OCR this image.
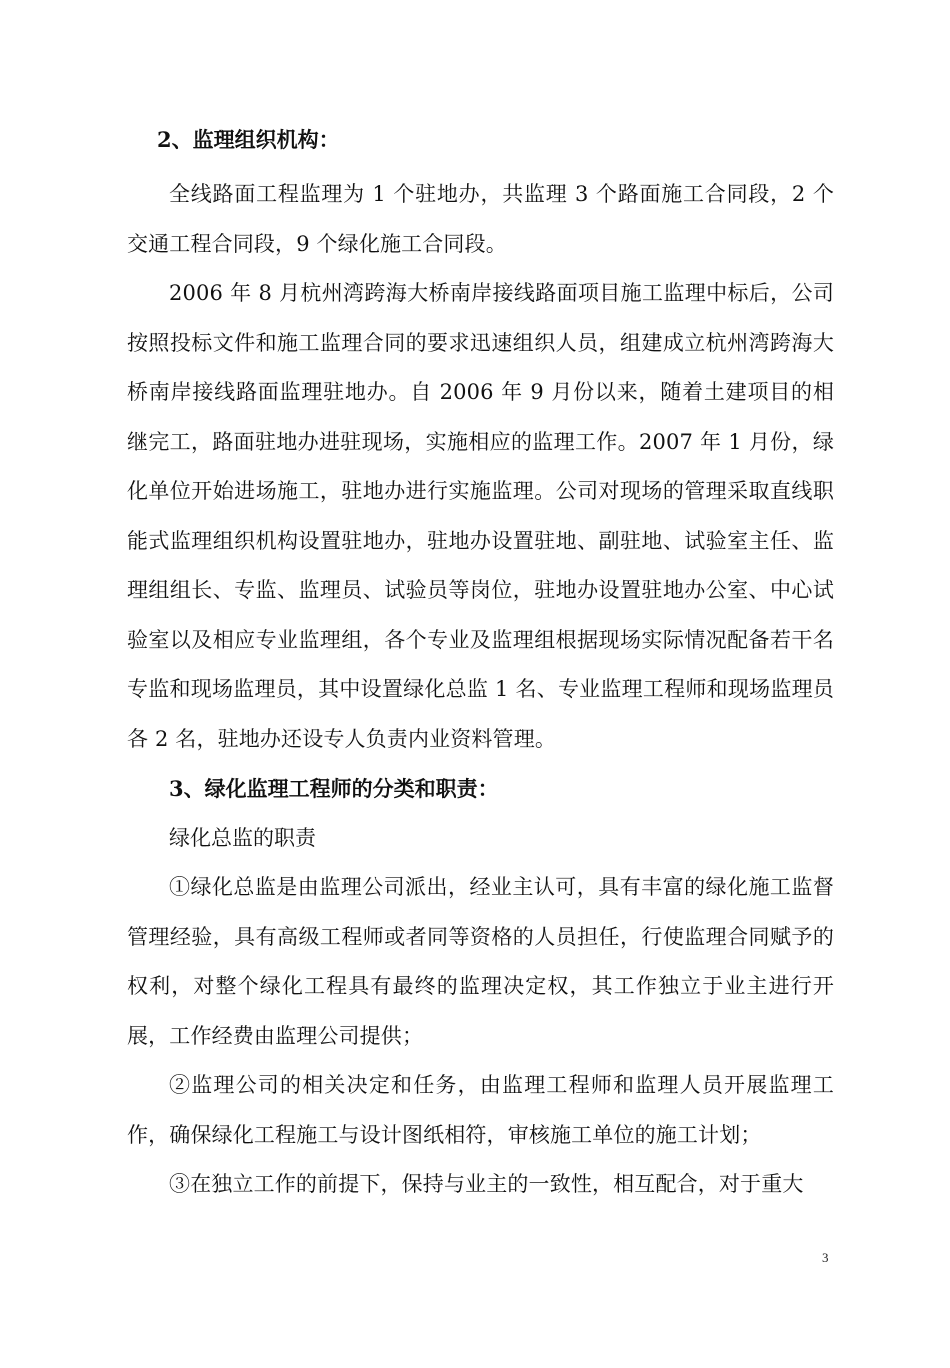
2、监理组织机构：

全线路面工程监理为 1 个驻地办，共监理 3 个路面施工合同段，2 个交通工程合同段，9 个绿化施工合同段。

2006 年 8 月杭州湾跨海大桥南岸接线路面项目施工监理中标后，公司按照投标文件和施工监理合同的要求迅速组织人员，组建成立杭州湾跨海大桥南岸接线路面监理驻地办。自 2006 年 9 月份以来，随着土建项目的相继完工，路面驻地办进驻现场，实施相应的监理工作。2007 年 1 月份，绿化单位开始进场施工，驻地办进行实施监理。公司对现场的管理采取直线职能式监理组织机构设置驻地办，驻地办设置驻地、副驻地、试验室主任、监理组组长、专监、监理员、试验员等岗位，驻地办设置驻地办公室、中心试验室以及相应专业监理组，各个专业及监理组根据现场实际情况配备若干名专监和现场监理员，其中设置绿化总监 1 名、专业监理工程师和现场监理员各 2 名，驻地办还设专人负责内业资料管理。

3、绿化监理工程师的分类和职责：

绿化总监的职责

①绿化总监是由监理公司派出，经业主认可，具有丰富的绿化施工监督管理经验，具有高级工程师或者同等资格的人员担任，行使监理合同赋予的权利，对整个绿化工程具有最终的监理决定权，其工作独立于业主进行开展，工作经费由监理公司提供；

②监理公司的相关决定和任务，由监理工程师和监理人员开展监理工作，确保绿化工程施工与设计图纸相符，审核施工单位的施工计划；

③在独立工作的前提下，保持与业主的一致性，相互配合，对于重大

3
